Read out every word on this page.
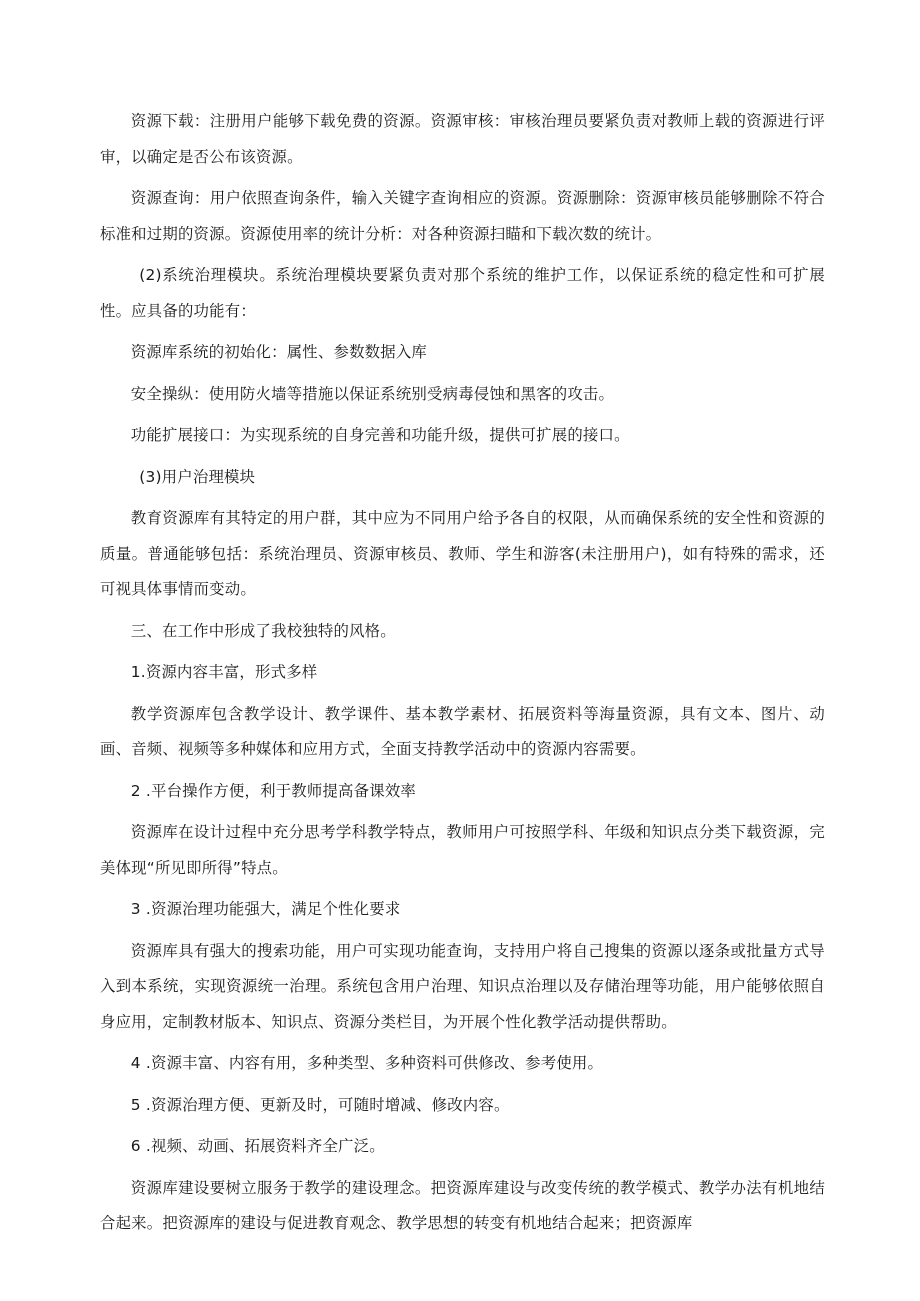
资源下载：注册用户能够下载免费的资源。资源审核：审核治理员要紧负责对教师上载的资源进行评审，以确定是否公布该资源。

资源查询：用户依照查询条件，输入关键字查询相应的资源。资源删除：资源审核员能够删除不符合标准和过期的资源。资源使用率的统计分析：对各种资源扫瞄和下载次数的统计。

(2)系统治理模块。系统治理模块要紧负责对那个系统的维护工作，以保证系统的稳定性和可扩展性。应具备的功能有：

资源库系统的初始化：属性、参数数据入库

安全操纵：使用防火墙等措施以保证系统别受病毒侵蚀和黑客的攻击。

功能扩展接口：为实现系统的自身完善和功能升级，提供可扩展的接口。

(3)用户治理模块

教育资源库有其特定的用户群，其中应为不同用户给予各自的权限，从而确保系统的安全性和资源的质量。普通能够包括：系统治理员、资源审核员、教师、学生和游客(未注册用户)，如有特殊的需求，还可视具体事情而变动。

三、在工作中形成了我校独特的风格。

1.资源内容丰富，形式多样

教学资源库包含教学设计、教学课件、基本教学素材、拓展资料等海量资源，具有文本、图片、动画、音频、视频等多种媒体和应用方式，全面支持教学活动中的资源内容需要。

2 .平台操作方便，利于教师提高备课效率

资源库在设计过程中充分思考学科教学特点，教师用户可按照学科、年级和知识点分类下载资源，完美体现“所见即所得”特点。

3 .资源治理功能强大，满足个性化要求

资源库具有强大的搜索功能，用户可实现功能查询，支持用户将自己搜集的资源以逐条或批量方式导入到本系统，实现资源统一治理。系统包含用户治理、知识点治理以及存储治理等功能，用户能够依照自身应用，定制教材版本、知识点、资源分类栏目，为开展个性化教学活动提供帮助。

4 .资源丰富、内容有用，多种类型、多种资料可供修改、参考使用。

5 .资源治理方便、更新及时，可随时增减、修改内容。

6 .视频、动画、拓展资料齐全广泛。

资源库建设要树立服务于教学的建设理念。把资源库建设与改变传统的教学模式、教学办法有机地结合起来。把资源库的建设与促进教育观念、教学思想的转变有机地结合起来；把资源库
